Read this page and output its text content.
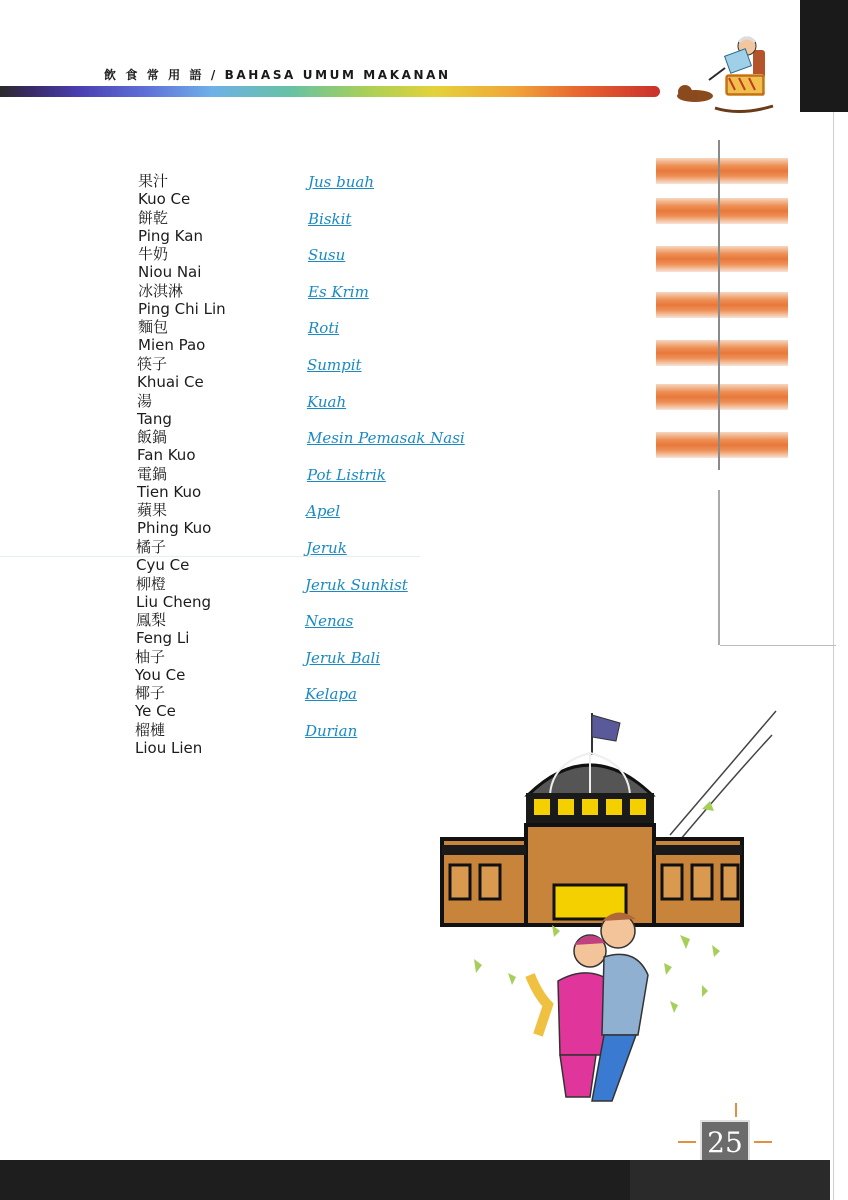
飲 食 常 用 語 / BAHASA UMUM MAKANAN
果汁
Kuo Ce
Jus buah
餅乾
Ping Kan
Biskit
牛奶
Niou Nai
Susu
冰淇淋
Ping Chi Lin
Es Krim
麵包
Mien Pao
Roti
筷子
Khuai Ce
Sumpit
湯
Tang
Kuah
飯鍋
Fan Kuo
Mesin Pemasak Nasi
電鍋
Tien Kuo
Pot Listrik
蘋果
Phing Kuo
Apel
橘子
Cyu Ce
Jeruk
柳橙
Liu Cheng
Jeruk Sunkist
鳳梨
Feng Li
Nenas
柚子
You Ce
Jeruk Bali
椰子
Ye Ce
Kelapa
榴槤
Liou Lien
Durian
25
